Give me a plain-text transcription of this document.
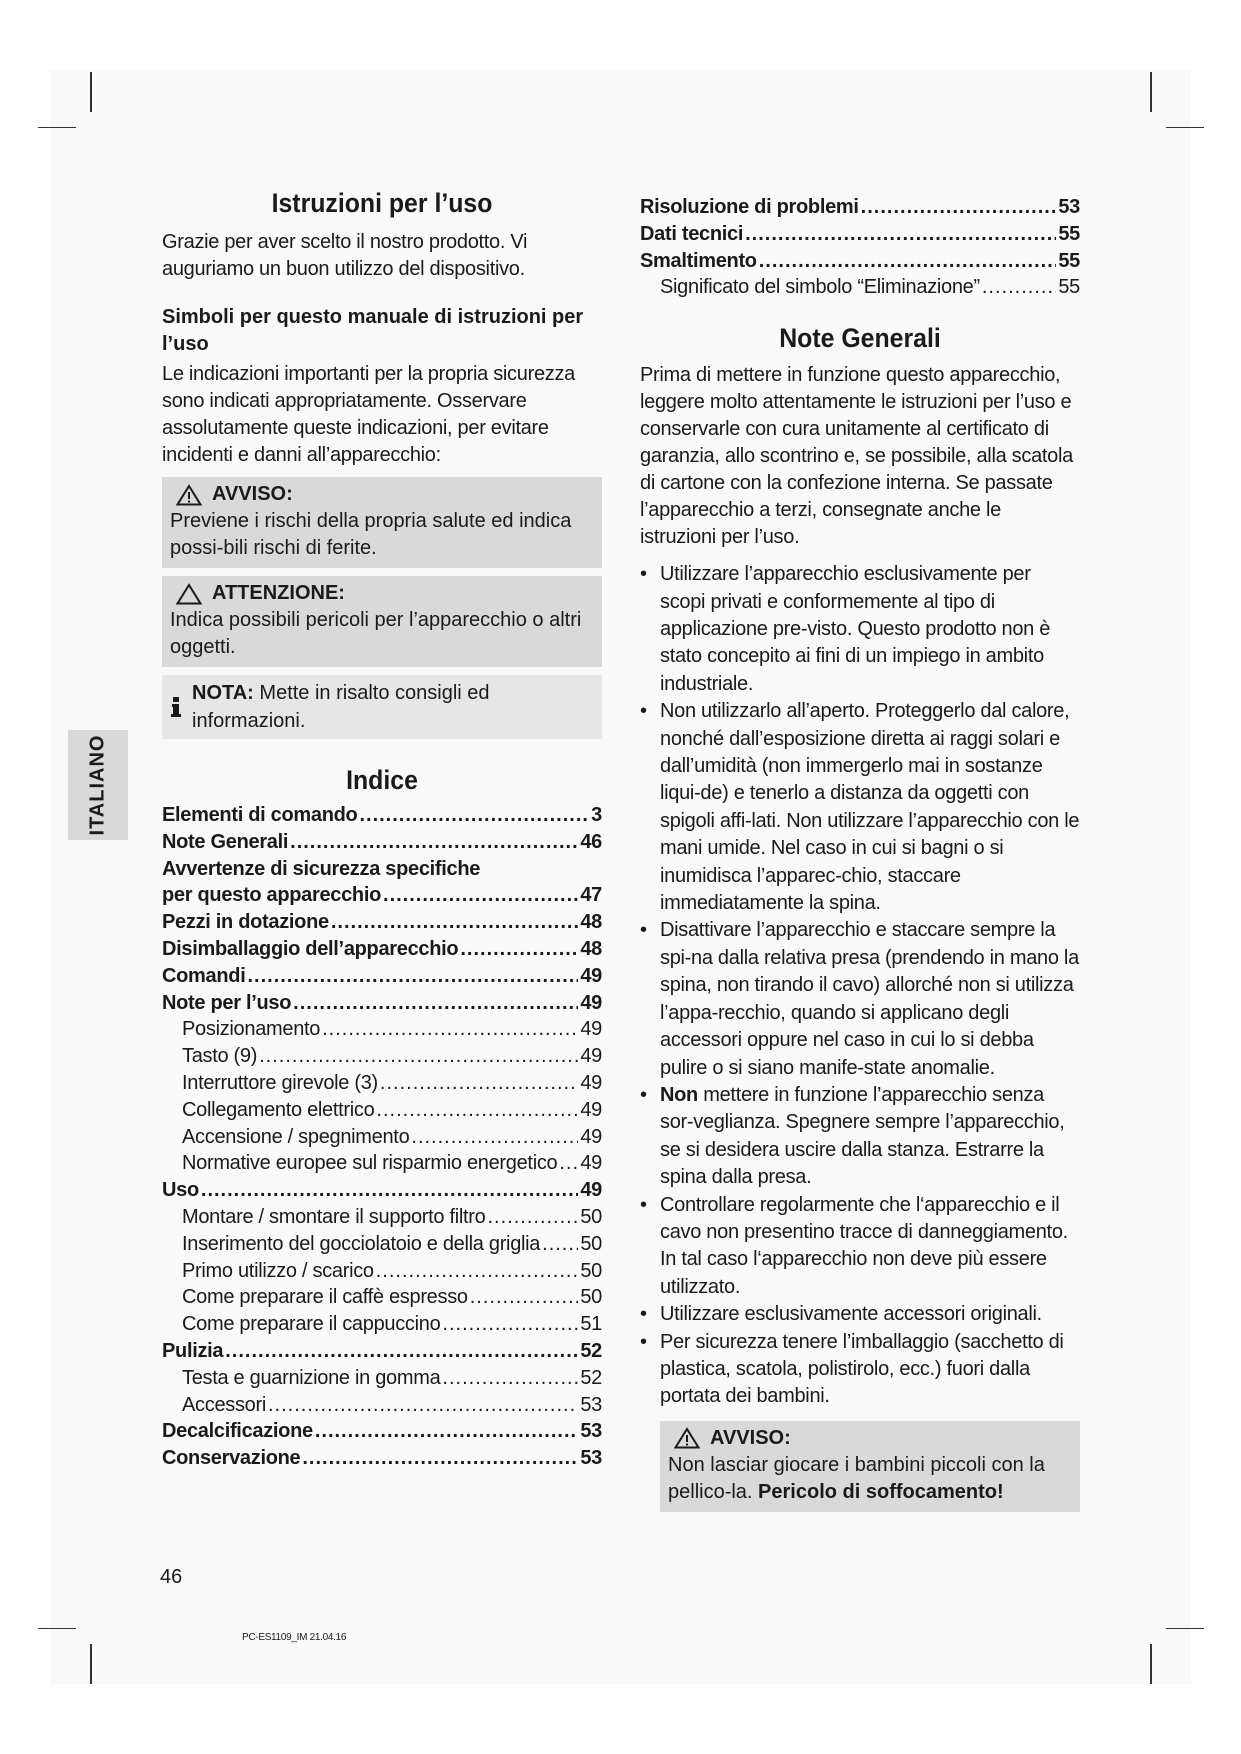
ITALIANO
Istruzioni per l’uso

Grazie per aver scelto il nostro prodotto. Vi auguriamo un buon utilizzo del dispositivo.

Simboli per questo manuale di istruzioni per l’uso

Le indicazioni importanti per la propria sicurezza sono indicati appropriatamente. Osservare assolutamente queste indicazioni, per evitare incidenti e danni all’apparecchio:

AVVISO:
Previene i rischi della propria salute ed indica possi-bili rischi di ferite.
ATTENZIONE:
Indica possibili pericoli per l’apparecchio o altri oggetti.
NOTA: Mette in risalto consigli ed informazioni.
Indice
Elementi di comando .....	3
Note Generali .....	46
Avvertenze di sicurezza specifiche
per questo apparecchio .....	47
Pezzi in dotazione .....	48
Disimballaggio dell’apparecchio .....	48
Comandi .....	49
Note per l’uso .....	49
Posizionamento .....	49
Tasto (9) .....	49
Interruttore girevole (3) .....	49
Collegamento elettrico .....	49
Accensione / spegnimento .....	49
Normative europee sul risparmio energetico ..... 49
Uso .....	49
Montare / smontare il supporto filtro .....	50
Inserimento del gocciolatoio e della griglia ..... 50
Primo utilizzo / scarico .....	50
Come preparare il caffè espresso .....	50
Come preparare il cappuccino .....	51
Pulizia .....	52
Testa e guarnizione in gomma .....	52
Accessori .....	53
Decalcificazione .....	53
Conservazione .....	53
Risoluzione di problemi .....	53
Dati tecnici .....	55
Smaltimento .....	55
Significato del simbolo “Eliminazione” .....	55
Note Generali

Prima di mettere in funzione questo apparecchio, leggere molto attentamente le istruzioni per l’uso e conservarle con cura unitamente al certificato di garanzia, allo scontrino e, se possibile, alla scatola di cartone con la confezione interna. Se passate l’apparecchio a terzi, consegnate anche le istruzioni per l’uso.

• Utilizzare l’apparecchio esclusivamente per scopi privati e conformemente al tipo di applicazione pre-visto. Questo prodotto non è stato concepito ai fini di un impiego in ambito industriale.
• Non utilizzarlo all’aperto. Proteggerlo dal calore, nonché dall’esposizione diretta ai raggi solari e dall’umidità (non immergerlo mai in sostanze liqui-de) e tenerlo a distanza da oggetti con spigoli affi-lati. Non utilizzare l’apparecchio con le mani umide. Nel caso in cui si bagni o si inumidisca l’apparec-chio, staccare immediatamente la spina.
• Disattivare l’apparecchio e staccare sempre la spi-na dalla relativa presa (prendendo in mano la spina, non tirando il cavo) allorché non si utilizza l’appa-recchio, quando si applicano degli accessori oppure nel caso in cui lo si debba pulire o si siano manife-state anomalie.
• Non mettere in funzione l’apparecchio senza sor-veglianza. Spegnere sempre l’apparecchio, se si desidera uscire dalla stanza. Estrarre la spina dalla presa.
• Controllare regolarmente che l‘apparecchio e il cavo non presentino tracce di danneggiamento. In tal caso l‘apparecchio non deve più essere utilizzato.
• Utilizzare esclusivamente accessori originali.
• Per sicurezza tenere l’imballaggio (sacchetto di plastica, scatola, polistirolo, ecc.) fuori dalla portata dei bambini.
AVVISO:
Non lasciar giocare i bambini piccoli con la pellico-la. Pericolo di soffocamento!
46
PC-ES1109_IM 21.04.16
